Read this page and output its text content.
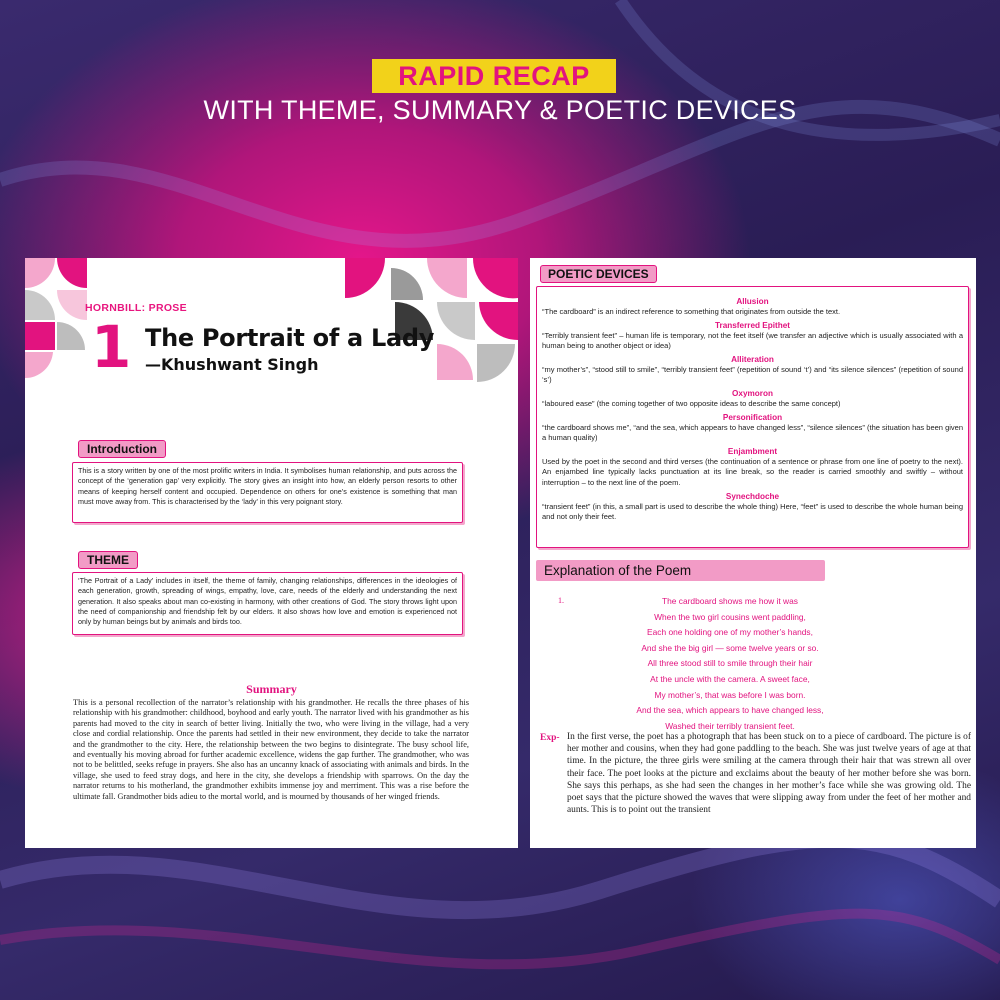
RAPID RECAP
WITH THEME, SUMMARY & POETIC DEVICES
HORNBILL: PROSE
1 The Portrait of a Lady
—Khushwant Singh
Introduction
This is a story written by one of the most prolific writers in India. It symbolises human relationship, and puts across the concept of the ‘generation gap’ very explicitly. The story gives an insight into how, an elderly person resorts to other means of keeping herself content and occupied. Dependence on others for one’s existence is something that man must move away from. This is characterised by the ‘lady’ in this very poignant story.
THEME
‘The Portrait of a Lady’ includes in itself, the theme of family, changing relationships, differences in the ideologies of each generation, growth, spreading of wings, empathy, love, care, needs of the elderly and understanding the next generation. It also speaks about man co-existing in harmony, with other creations of God. The story throws light upon the need of companionship and friendship felt by our elders. It also shows how love and emotion is experienced not only by human beings but by animals and birds too.
Summary
This is a personal recollection of the narrator’s relationship with his grandmother. He recalls the three phases of his relationship with his grandmother: childhood, boyhood and early youth. The narrator lived with his grandmother as his parents had moved to the city in search of better living. Initially the two, who were living in the village, had a very close and cordial relationship. Once the parents had settled in their new environment, they decide to take the narrator and the grandmother to the city. Here, the relationship between the two begins to disintegrate. The busy school life, and eventually his moving abroad for further academic excellence, widens the gap further. The grandmother, who was not to be belittled, seeks refuge in prayers. She also has an uncanny knack of associating with animals and birds. In the village, she used to feed stray dogs, and here in the city, she develops a friendship with sparrows. On the day the narrator returns to his motherland, the grandmother exhibits immense joy and merriment. This was a rise before the ultimate fall. Grandmother bids adieu to the mortal world, and is mourned by thousands of her winged friends.
Allusion
“The cardboard” is an indirect reference to something that originates from outside the text.
Transferred Epithet
“Terribly transient feet” – human life is temporary, not the feet itself (we transfer an adjective which is usually associated with a human being to another object or idea)
Alliteration
“my mother’s”, “stood still to smile”, “terribly transient feet” (repetition of sound ‘t’) and “its silence silences” (repetition of sound ‘s’)
Oxymoron
“laboured ease” (the coming together of two opposite ideas to describe the same concept)
Personification
“the cardboard shows me”, “and the sea, which appears to have changed less”, “silence silences” (the situation has been given a human quality)
Enjambment
Used by the poet in the second and third verses (the continuation of a sentence or phrase from one line of poetry to the next). An enjambed line typically lacks punctuation at its line break, so the reader is carried smoothly and swiftly – without interruption – to the next line of the poem.
Synechdoche
“transient feet” (in this, a small part is used to describe the whole thing) Here, “feet” is used to describe the whole human being and not only their feet.
POETIC DEVICES
Explanation of the Poem
1.	The cardboard shows me how it was
When the two girl cousins went paddling,
Each one holding one of my mother’s hands,
And she the big girl — some twelve years or so.
All three stood still to smile through their hair
At the uncle with the camera. A sweet face,
My mother’s, that was before I was born.
And the sea, which appears to have changed less,
Washed their terribly transient feet.
Exp- In the first verse, the poet has a photograph that has been stuck on to a piece of cardboard. The picture is of her mother and cousins, when they had gone paddling to the beach. She was just twelve years of age at that time. In the picture, the three girls were smiling at the camera through their hair that was strewn all over their face. The poet looks at the picture and exclaims about the beauty of her mother before she was born. She says this perhaps, as she had seen the changes in her mother’s face while she was growing old. The poet says that the picture showed the waves that were slipping away from under the feet of her mother and aunts. This is to point out the transient
